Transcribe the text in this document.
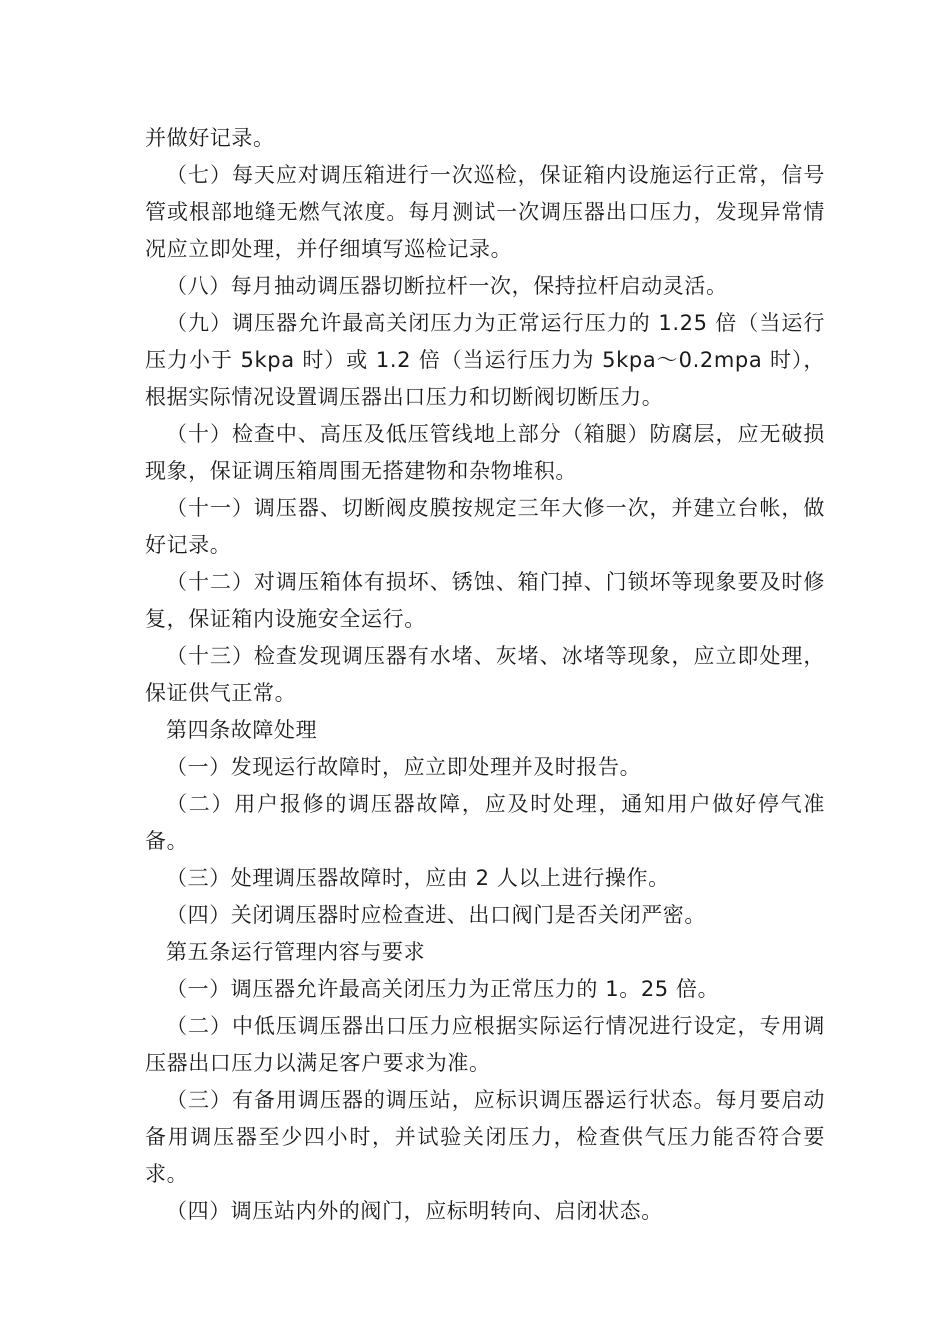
并做好记录。

（七）每天应对调压箱进行一次巡检，保证箱内设施运行正常，信号管或根部地缝无燃气浓度。每月测试一次调压器出口压力，发现异常情况应立即处理，并仔细填写巡检记录。

（八）每月抽动调压器切断拉杆一次，保持拉杆启动灵活。

（九）调压器允许最高关闭压力为正常运行压力的 1.25 倍（当运行压力小于 5kpa 时）或 1.2 倍（当运行压力为 5kpa～0.2mpa 时），根据实际情况设置调压器出口压力和切断阀切断压力。

（十）检查中、高压及低压管线地上部分（箱腿）防腐层，应无破损现象，保证调压箱周围无搭建物和杂物堆积。

（十一）调压器、切断阀皮膜按规定三年大修一次，并建立台帐，做好记录。

（十二）对调压箱体有损坏、锈蚀、箱门掉、门锁坏等现象要及时修复，保证箱内设施安全运行。

（十三）检查发现调压器有水堵、灰堵、冰堵等现象，应立即处理，保证供气正常。

第四条故障处理

（一）发现运行故障时，应立即处理并及时报告。

（二）用户报修的调压器故障，应及时处理，通知用户做好停气准备。

（三）处理调压器故障时，应由 2 人以上进行操作。

（四）关闭调压器时应检查进、出口阀门是否关闭严密。

第五条运行管理内容与要求

（一）调压器允许最高关闭压力为正常压力的 1。25 倍。

（二）中低压调压器出口压力应根据实际运行情况进行设定，专用调压器出口压力以满足客户要求为准。

（三）有备用调压器的调压站，应标识调压器运行状态。每月要启动备用调压器至少四小时，并试验关闭压力，检查供气压力能否符合要求。

（四）调压站内外的阀门，应标明转向、启闭状态。
